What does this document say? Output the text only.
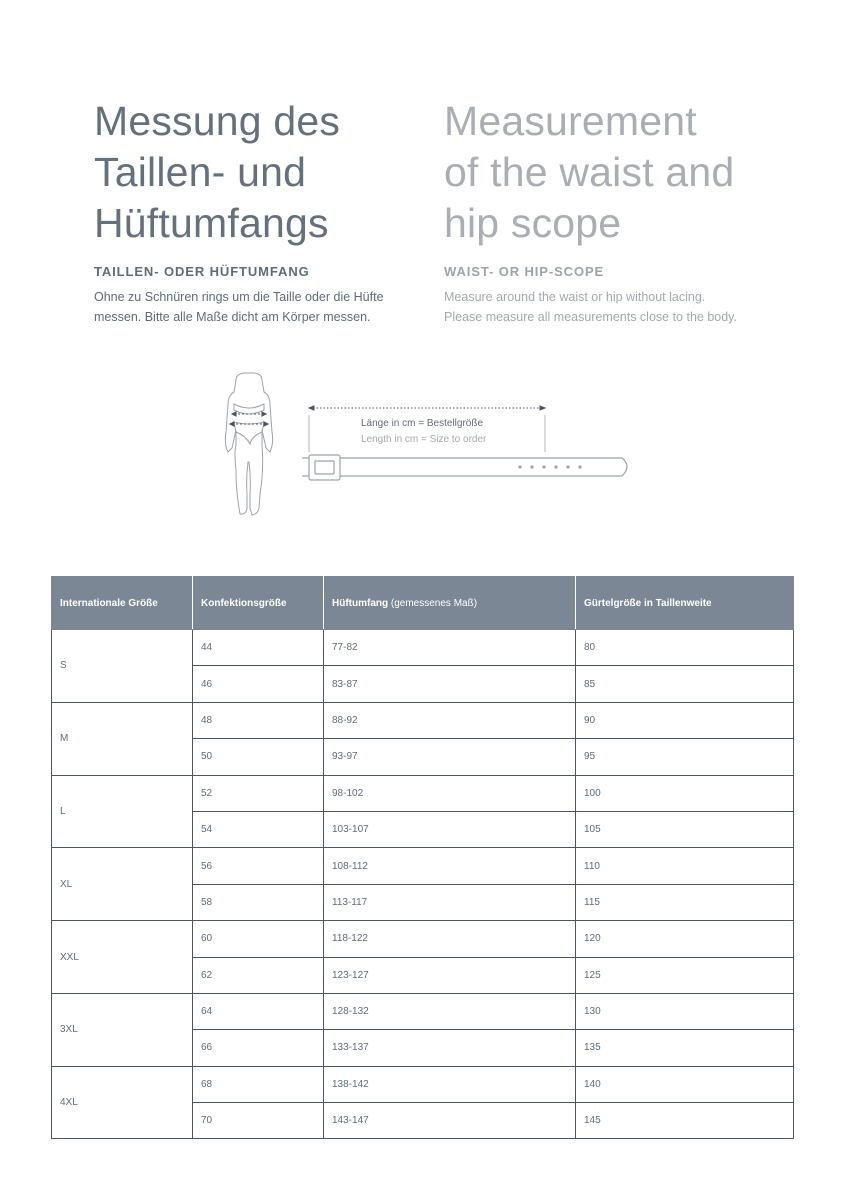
Messung des
Taillen- und
Hüftumfangs
TAILLEN- ODER HÜFTUMFANG
Ohne zu Schnüren rings um die Taille oder die Hüfte
messen. Bitte alle Maße dicht am Körper messen.
Measurement
of the waist and
hip scope
WAIST- OR HIP-SCOPE
Measure around the waist or hip without lacing.
Please measure all measurements close to the body.
Länge in cm = Bestellgröße
Length in cm = Size to order
Internationale Größe	Konfektionsgröße	Hüftumfang (gemessenes Maß)	Gürtelgröße in Taillenweite
S	44	77-82	80
	46	83-87	85
M	48	88-92	90
	50	93-97	95
L	52	98-102	100
	54	103-107	105
XL	56	108-112	110
	58	113-117	115
XXL	60	118-122	120
	62	123-127	125
3XL	64	128-132	130
	66	133-137	135
4XL	68	138-142	140
	70	143-147	145
